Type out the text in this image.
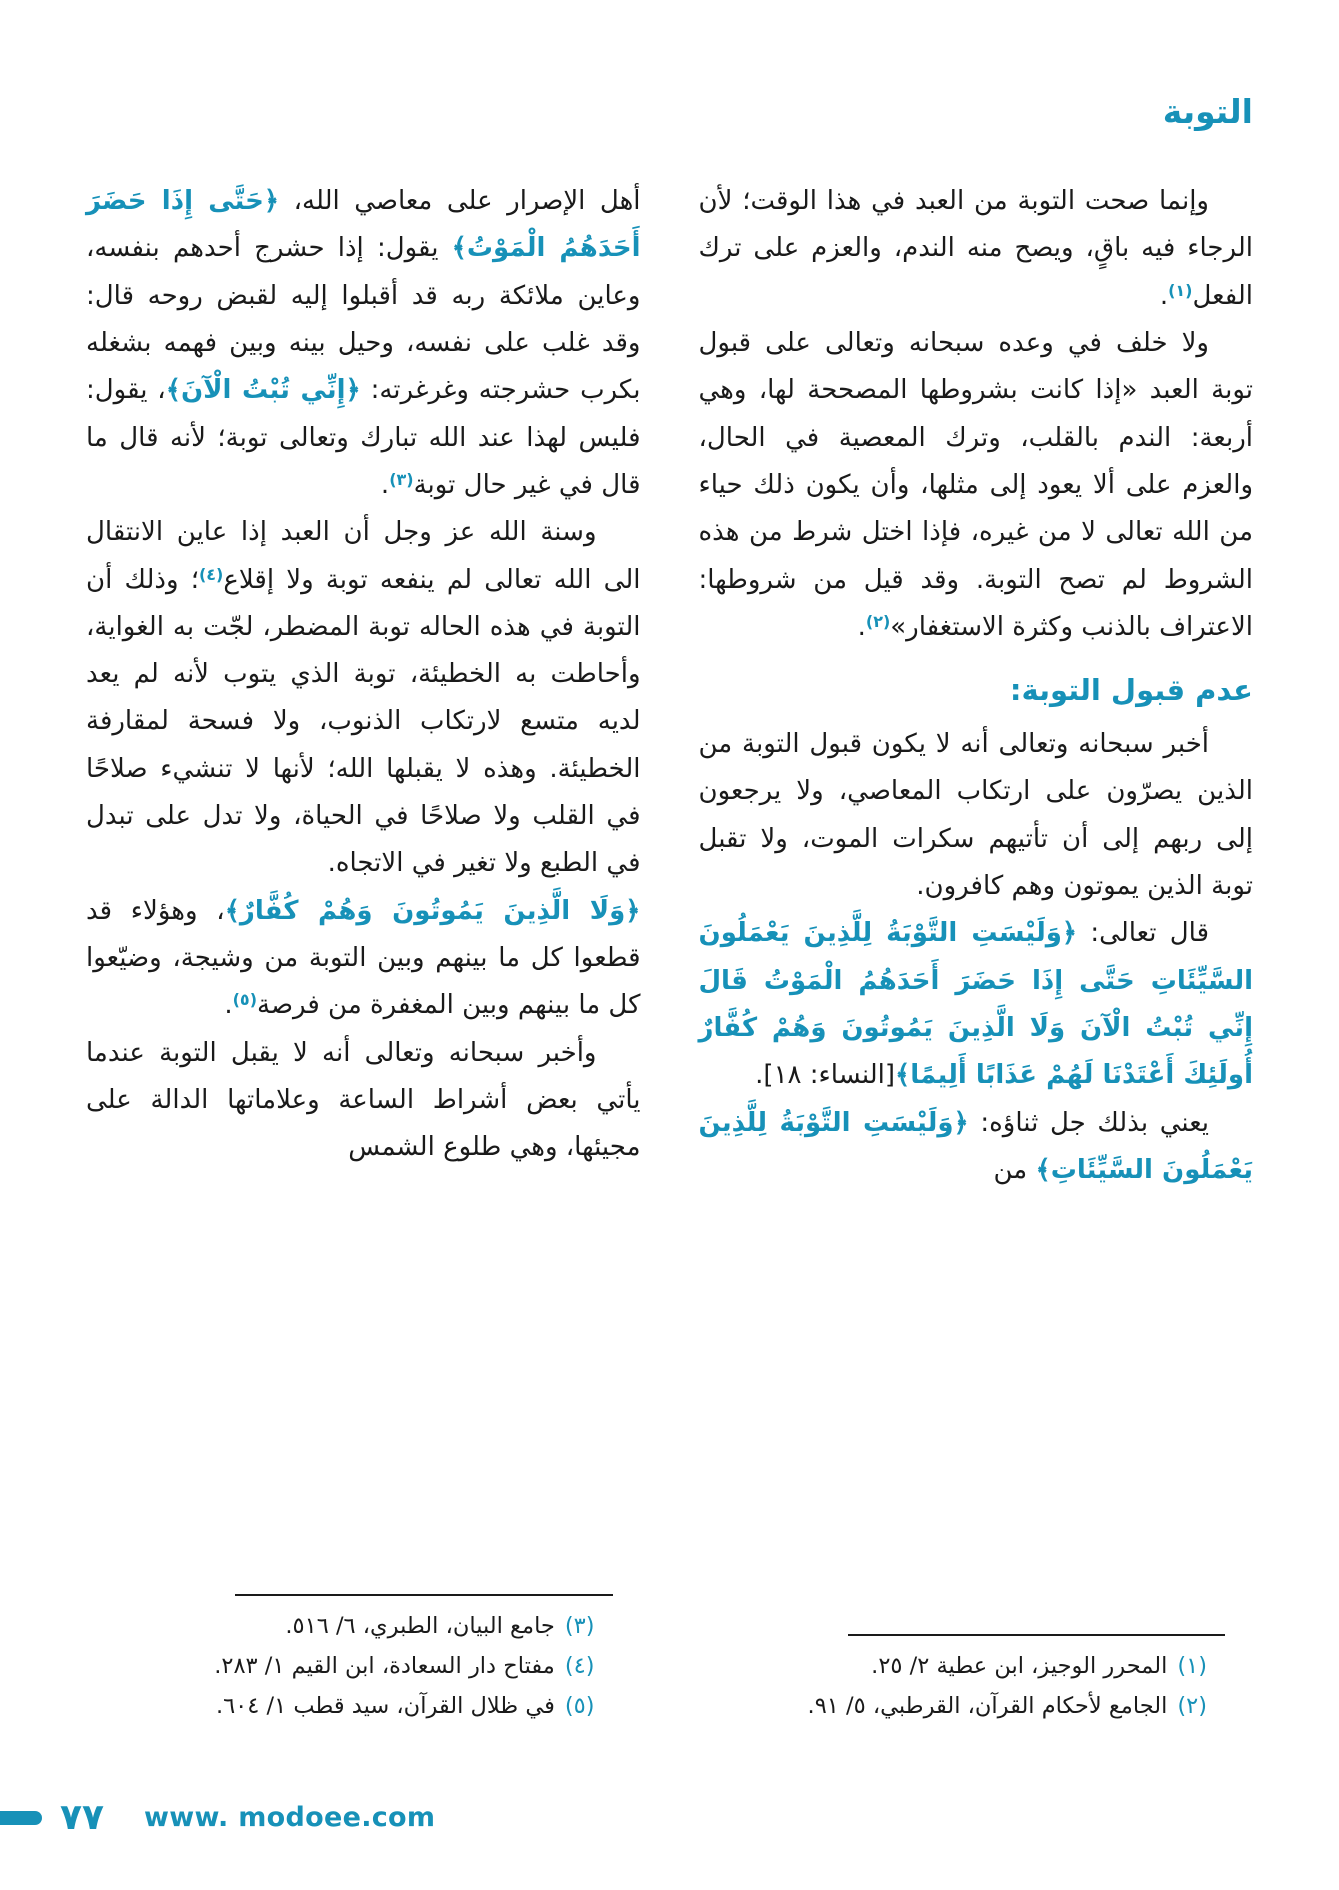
التوبة

وإنما صحت التوبة من العبد في هذا الوقت؛ لأن الرجاء فيه باقٍ، ويصح منه الندم، والعزم على ترك الفعل$^{(١)}$.

ولا خلف في وعده سبحانه وتعالى على قبول توبة العبد «إذا كانت بشروطها المصححة لها، وهي أربعة: الندم بالقلب، وترك المعصية في الحال، والعزم على ألا يعود إلى مثلها، وأن يكون ذلك حياء من الله تعالى لا من غيره، فإذا اختل شرط من هذه الشروط لم تصح التوبة. وقد قيل من شروطها: الاعتراف بالذنب وكثرة الاستغفار»$^{(٢)}$.

عدم قبول التوبة:

أخبر سبحانه وتعالى أنه لا يكون قبول التوبة من الذين يصرّون على ارتكاب المعاصي، ولا يرجعون إلى ربهم إلى أن تأتيهم سكرات الموت، ولا تقبل توبة الذين يموتون وهم كافرون.

قال تعالى: ﴿وَلَيْسَتِ التَّوْبَةُ لِلَّذِينَ يَعْمَلُونَ السَّيِّئَاتِ حَتَّى إِذَا حَضَرَ أَحَدَهُمُ الْمَوْتُ قَالَ إِنِّي تُبْتُ الْآنَ وَلَا الَّذِينَ يَمُوتُونَ وَهُمْ كُفَّارٌ أُولَئِكَ أَعْتَدْنَا لَهُمْ عَذَابًا أَلِيمًا﴾[النساء: ١٨].

يعني بذلك جل ثناؤه: ﴿وَلَيْسَتِ التَّوْبَةُ لِلَّذِينَ يَعْمَلُونَ السَّيِّئَاتِ﴾ من

(١)
المحرر الوجيز، ابن عطية ٢/ ٢٥.
(٢)
الجامع لأحكام القرآن، القرطبي، ٥/ ٩١.

أهل الإصرار على معاصي الله، ﴿حَتَّى إِذَا حَضَرَ أَحَدَهُمُ الْمَوْتُ﴾ يقول: إذا حشرج أحدهم بنفسه، وعاين ملائكة ربه قد أقبلوا إليه لقبض روحه قال: وقد غلب على نفسه، وحيل بينه وبين فهمه بشغله بكرب حشرجته وغرغرته: ﴿إِنِّي تُبْتُ الْآنَ﴾، يقول: فليس لهذا عند الله تبارك وتعالى توبة؛ لأنه قال ما قال في غير حال توبة$^{(٣)}$.

وسنة الله عز وجل أن العبد إذا عاين الانتقال الى الله تعالى لم ينفعه توبة ولا إقلاع$^{(٤)}$؛ وذلك أن التوبة في هذه الحاله توبة المضطر، لجّت به الغواية، وأحاطت به الخطيئة، توبة الذي يتوب لأنه لم يعد لديه متسع لارتكاب الذنوب، ولا فسحة لمقارفة الخطيئة. وهذه لا يقبلها الله؛ لأنها لا تنشيء صلاحًا في القلب ولا صلاحًا في الحياة، ولا تدل على تبدل في الطبع ولا تغير في الاتجاه.

﴿وَلَا الَّذِينَ يَمُوتُونَ وَهُمْ كُفَّارٌ﴾، وهؤلاء قد قطعوا كل ما بينهم وبين التوبة من وشيجة، وضيّعوا كل ما بينهم وبين المغفرة من فرصة$^{(٥)}$.

وأخبر سبحانه وتعالى أنه لا يقبل التوبة عندما يأتي بعض أشراط الساعة وعلاماتها الدالة على مجيئها، وهي طلوع الشمس

(٣)
جامع البيان، الطبري، ٦/ ٥١٦.
(٤)
مفتاح دار السعادة، ابن القيم ١/ ٢٨٣.
(٥)
في ظلال القرآن، سيد قطب ١/ ٦٠٤.
٧٧ www. modoee.com
